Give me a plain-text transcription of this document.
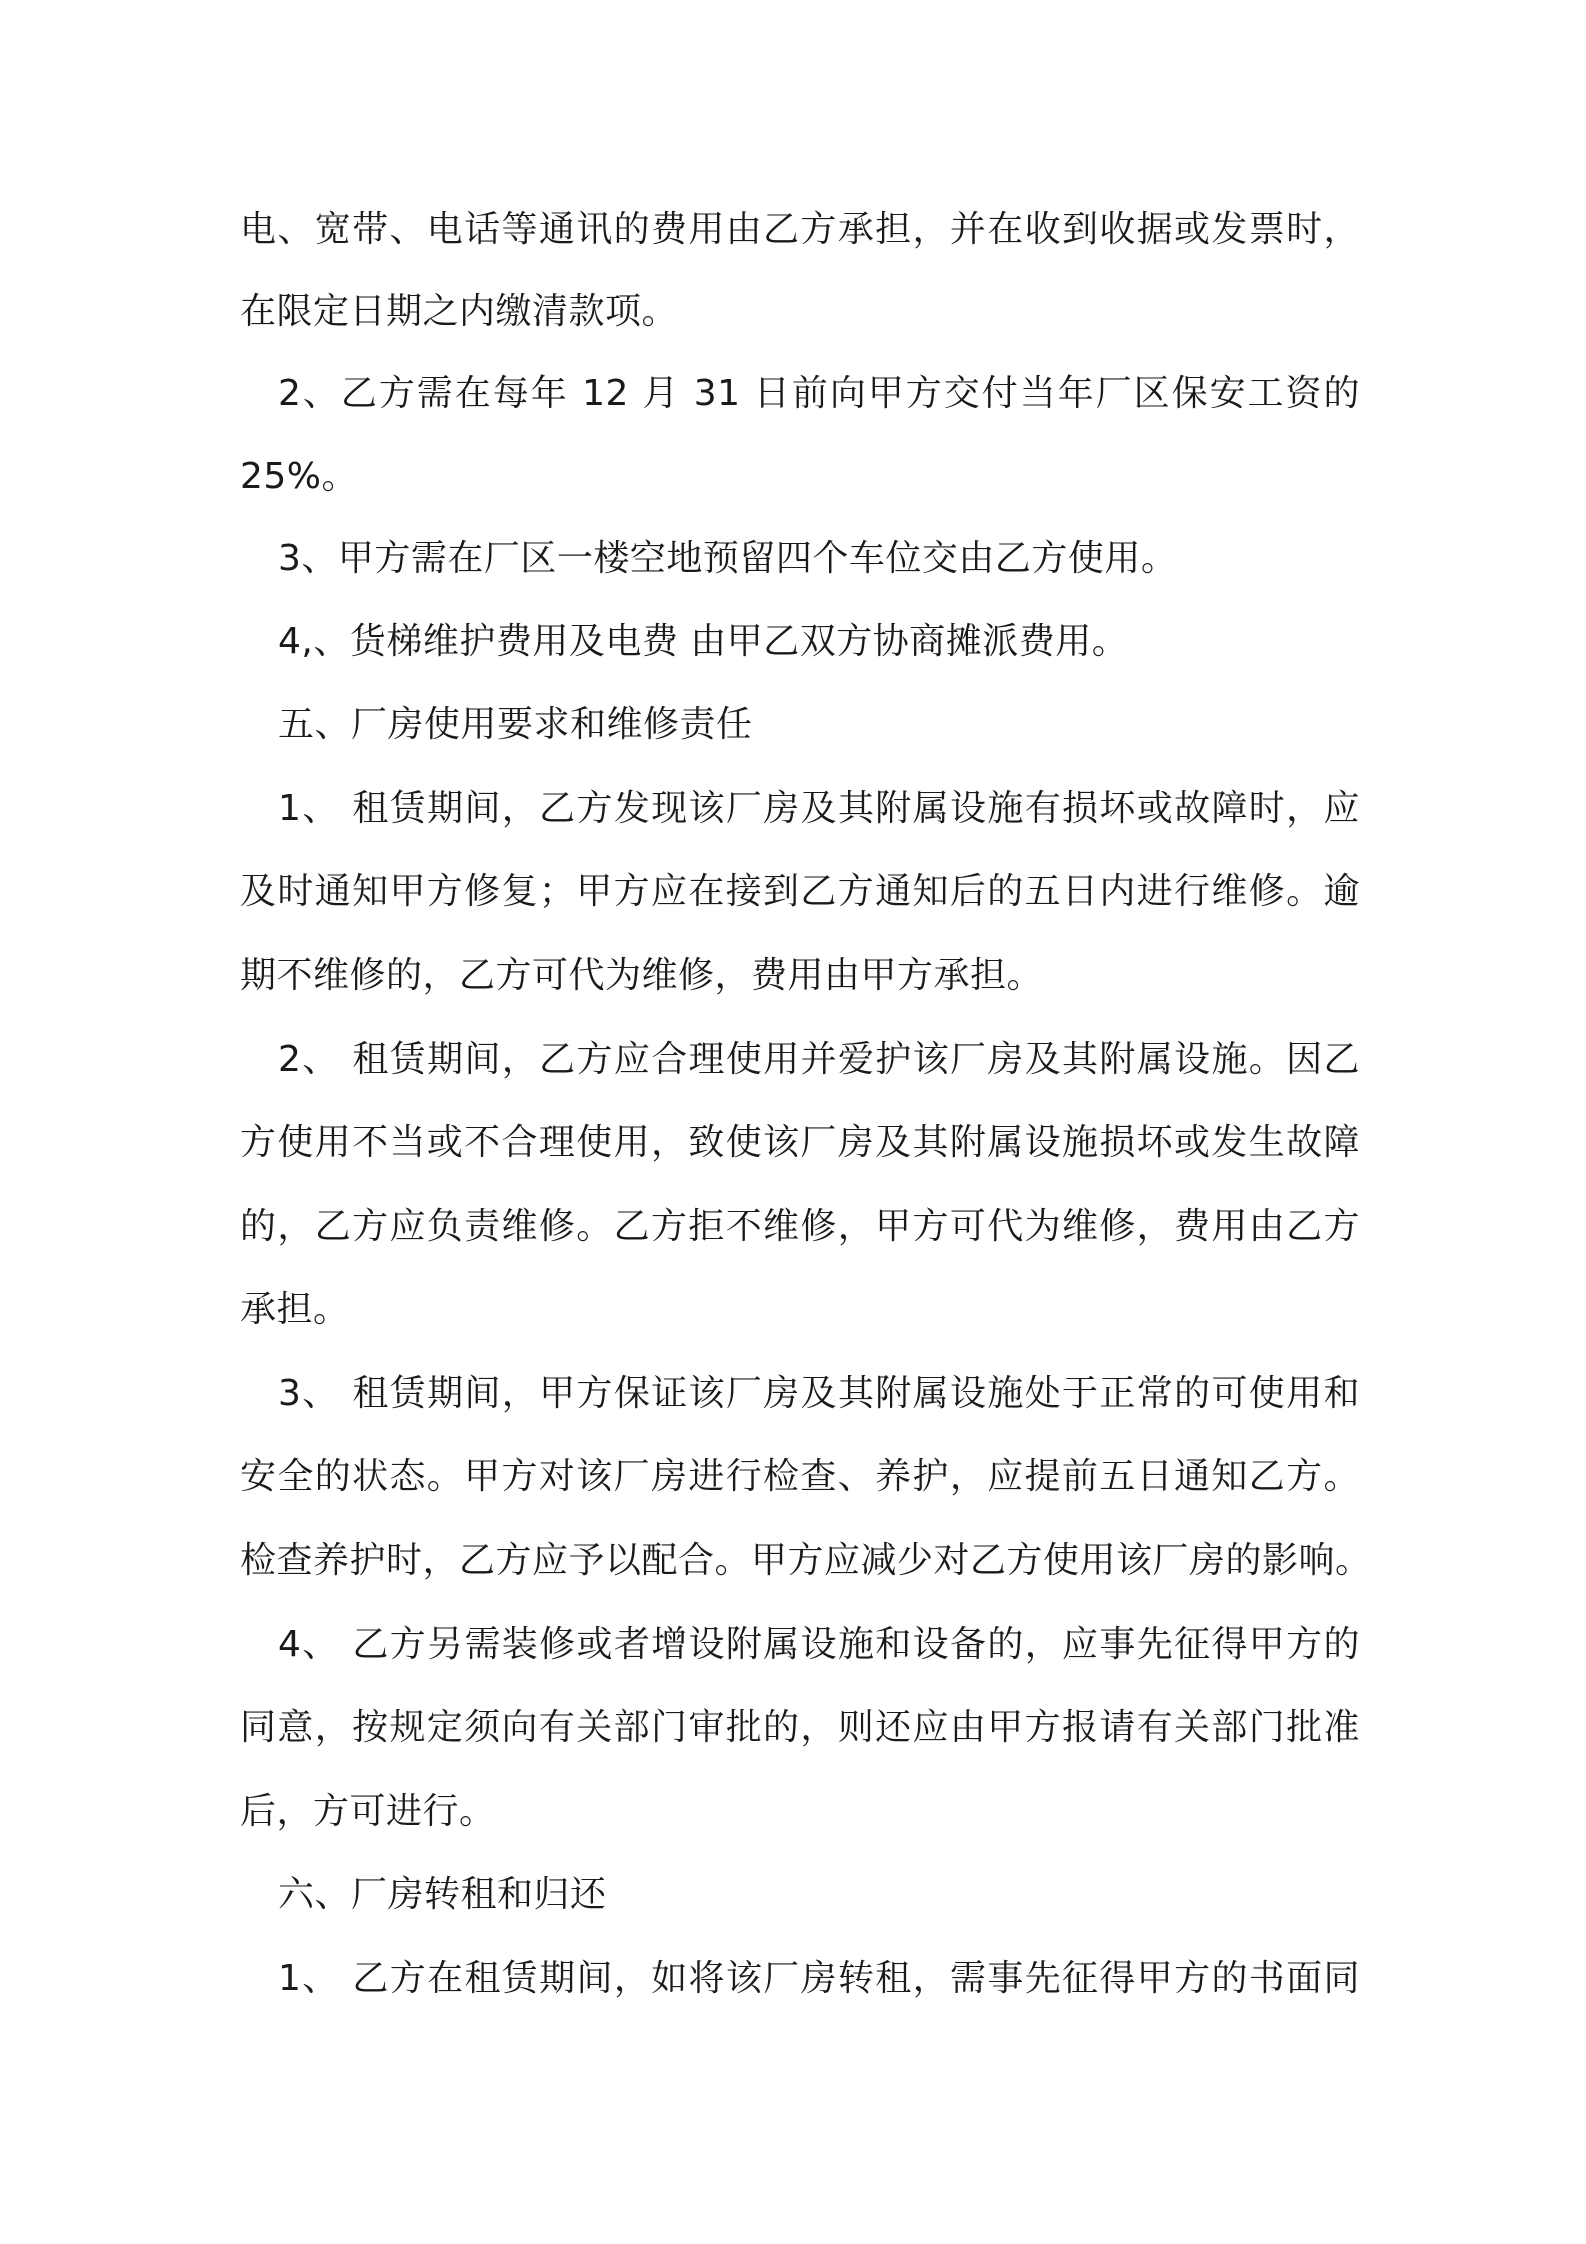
电、宽带、电话等通讯的费用由乙方承担，并在收到收据或发票时，
在限定日期之内缴清款项。
2、乙方需在每年 12 月 31 日前向甲方交付当年厂区保安工资的
25%。
3、甲方需在厂区一楼空地预留四个车位交由乙方使用。
4,、货梯维护费用及电费 由甲乙双方协商摊派费用。
五、厂房使用要求和维修责任
1、 租赁期间，乙方发现该厂房及其附属设施有损坏或故障时，应
及时通知甲方修复；甲方应在接到乙方通知后的五日内进行维修。逾
期不维修的，乙方可代为维修，费用由甲方承担。
2、 租赁期间，乙方应合理使用并爱护该厂房及其附属设施。因乙
方使用不当或不合理使用，致使该厂房及其附属设施损坏或发生故障
的，乙方应负责维修。乙方拒不维修，甲方可代为维修，费用由乙方
承担。
3、 租赁期间，甲方保证该厂房及其附属设施处于正常的可使用和
安全的状态。甲方对该厂房进行检查、养护，应提前五日通知乙方。
检查养护时，乙方应予以配合。甲方应减少对乙方使用该厂房的影响。
4、 乙方另需装修或者增设附属设施和设备的，应事先征得甲方的
同意，按规定须向有关部门审批的，则还应由甲方报请有关部门批准
后，方可进行。
六、厂房转租和归还
1、 乙方在租赁期间，如将该厂房转租，需事先征得甲方的书面同
